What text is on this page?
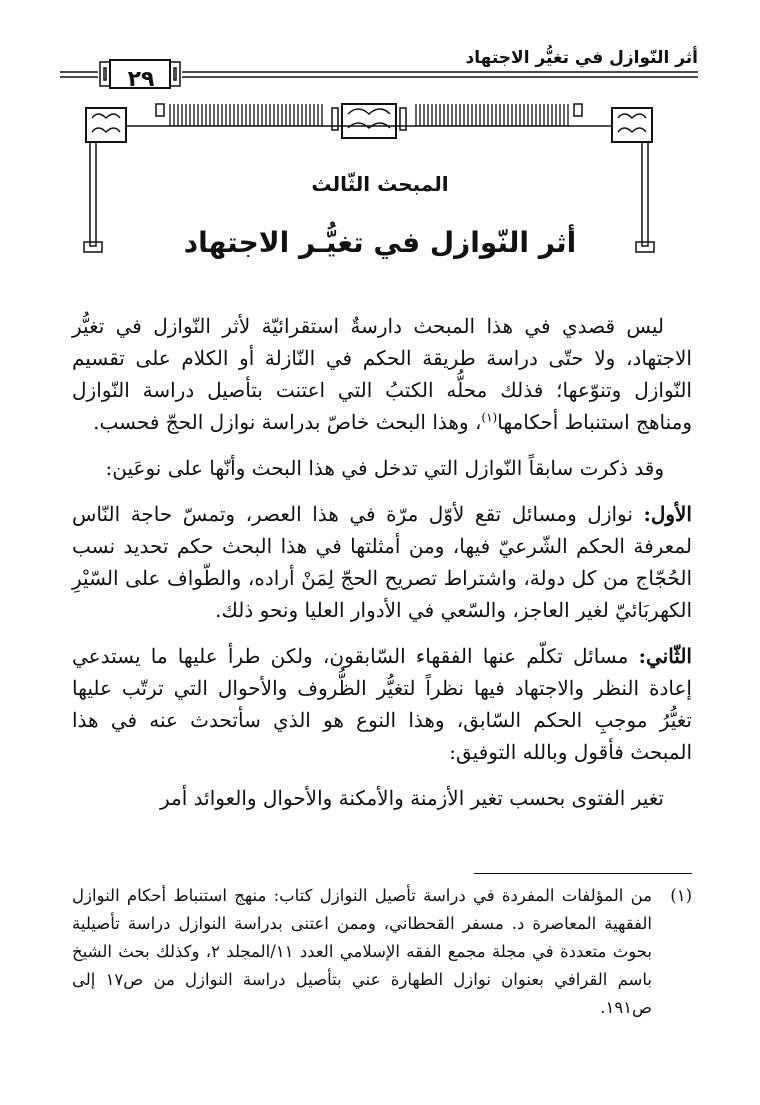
أثر النّوازل في تغيُّر الاجتهاد
٢٩
المبحث الثّالث
أثر النّوازل في تغيُّـر الاجتهاد

ليس قصدي في هذا المبحث دارسةٌ استقرائيّة لأثر النّوازل في تغيُّر الاجتهاد، ولا حتّى دراسة طريقة الحكم في النّازلة أو الكلام على تقسيم النّوازل وتنوّعها؛ فذلك محلُّه الكتبُ التي اعتنت بتأصيل دراسة النّوازل ومناهج استنباط أحكامها$^{(١)}$، وهذا البحث خاصّ بدراسة نوازل الحجّ فحسب.

وقد ذكرت سابقاً النّوازل التي تدخل في هذا البحث وأنّها على نوعَين:

الأول: نوازل ومسائل تقع لأوّل مرّة في هذا العصر، وتمسّ حاجة النّاس لمعرفة الحكم الشّرعيّ فيها، ومن أمثلتها في هذا البحث حكم تحديد نسب الحُجّاج من كل دولة، واشتراط تصريح الحجّ لِمَنْ أراده، والطّواف على السّيْرِ الكهربَائيّ لغير العاجز، والسّعي في الأدوار العليا ونحو ذلك.

الثّاني: مسائل تكلّم عنها الفقهاء السّابقون، ولكن طرأ عليها ما يستدعي إعادة النظر والاجتهاد فيها نظراً لتغيُّر الظُّروف والأحوال التي ترتّب عليها تغيُّرُ موجبِ الحكم السّابق، وهذا النوع هو الذي سأتحدث عنه في هذا المبحث فأقول وبالله التوفيق:

تغير الفتوى بحسب تغير الأزمنة والأمكنة والأحوال والعوائد أمر

(١)
من المؤلفات المفردة في دراسة تأصيل النوازل كتاب: منهج استنباط أحكام النوازل الفقهية المعاصرة د. مسفر القحطاني، وممن اعتنى بدراسة النوازل دراسة تأصيلية بحوث متعددة في مجلة مجمع الفقه الإسلامي العدد ١١/المجلد ٢، وكذلك بحث الشيخ باسم القرافي بعنوان نوازل الطهارة عني بتأصيل دراسة النوازل من ص١٧ إلى ص١٩١.
